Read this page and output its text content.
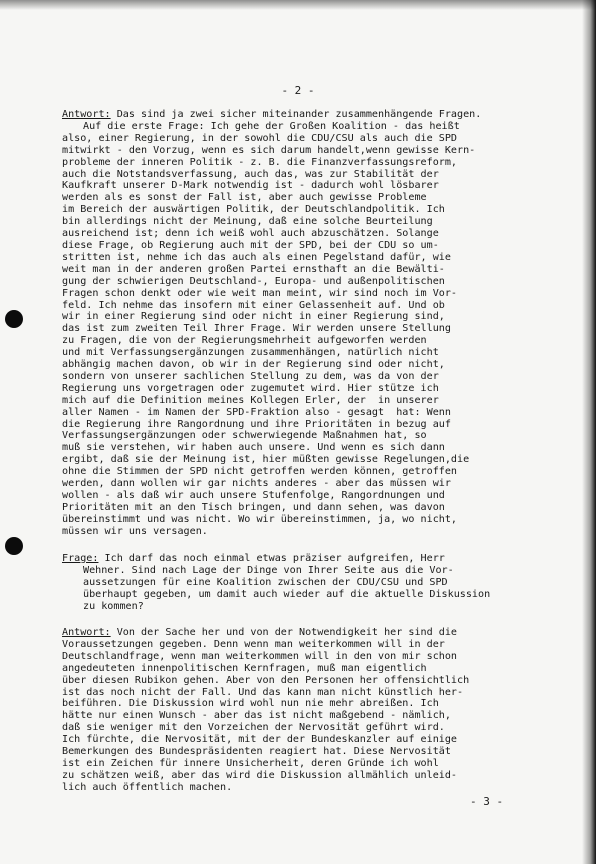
- 2 -
Antwort: Das sind ja zwei sicher miteinander zusammenhängende Fragen.
Auf die erste Frage: Ich gehe der Großen Koalition - das heißt
also, einer Regierung, in der sowohl die CDU/CSU als auch die SPD
mitwirkt - den Vorzug, wenn es sich darum handelt,wenn gewisse Kern-
probleme der inneren Politik - z. B. die Finanzverfassungsreform,
auch die Notstandsverfassung, auch das, was zur Stabilität der
Kaufkraft unserer D-Mark notwendig ist - dadurch wohl lösbarer
werden als es sonst der Fall ist, aber auch gewisse Probleme
im Bereich der auswärtigen Politik, der Deutschlandpolitik. Ich
bin allerdings nicht der Meinung, daß eine solche Beurteilung
ausreichend ist; denn ich weiß wohl auch abzuschätzen. Solange
diese Frage, ob Regierung auch mit der SPD, bei der CDU so um-
stritten ist, nehme ich das auch als einen Pegelstand dafür, wie
weit man in der anderen großen Partei ernsthaft an die Bewälti-
gung der schwierigen Deutschland-, Europa- und außenpolitischen
Fragen schon denkt oder wie weit man meint, wir sind noch im Vor-
feld. Ich nehme das insofern mit einer Gelassenheit auf. Und ob
wir in einer Regierung sind oder nicht in einer Regierung sind,
das ist zum zweiten Teil Ihrer Frage. Wir werden unsere Stellung
zu Fragen, die von der Regierungsmehrheit aufgeworfen werden
und mit Verfassungsergänzungen zusammenhängen, natürlich nicht
abhängig machen davon, ob wir in der Regierung sind oder nicht,
sondern von unserer sachlichen Stellung zu dem, was da von der
Regierung uns vorgetragen oder zugemutet wird. Hier stütze ich
mich auf die Definition meines Kollegen Erler, der  in unserer
aller Namen - im Namen der SPD-Fraktion also - gesagt  hat: Wenn
die Regierung ihre Rangordnung und ihre Prioritäten in bezug auf
Verfassungsergänzungen oder schwerwiegende Maßnahmen hat, so
muß sie verstehen, wir haben auch unsere. Und wenn es sich dann
ergibt, daß sie der Meinung ist, hier müßten gewisse Regelungen,die
ohne die Stimmen der SPD nicht getroffen werden können, getroffen
werden, dann wollen wir gar nichts anderes - aber das müssen wir
wollen - als daß wir auch unsere Stufenfolge, Rangordnungen und
Prioritäten mit an den Tisch bringen, und dann sehen, was davon
übereinstimmt und was nicht. Wo wir übereinstimmen, ja, wo nicht,
müssen wir uns versagen.
Frage: Ich darf das noch einmal etwas präziser aufgreifen, Herr
Wehner. Sind nach Lage der Dinge von Ihrer Seite aus die Vor-
aussetzungen für eine Koalition zwischen der CDU/CSU und SPD
überhaupt gegeben, um damit auch wieder auf die aktuelle Diskussion
zu kommen?
Antwort: Von der Sache her und von der Notwendigkeit her sind die
Voraussetzungen gegeben. Denn wenn man weiterkommen will in der
Deutschlandfrage, wenn man weiterkommen will in den von mir schon
angedeuteten innenpolitischen Kernfragen, muß man eigentlich
über diesen Rubikon gehen. Aber von den Personen her offensichtlich
ist das noch nicht der Fall. Und das kann man nicht künstlich her-
beiführen. Die Diskussion wird wohl nun nie mehr abreißen. Ich
hätte nur einen Wunsch - aber das ist nicht maßgebend - nämlich,
daß sie weniger mit den Vorzeichen der Nervosität geführt wird.
Ich fürchte, die Nervosität, mit der der Bundeskanzler auf einige
Bemerkungen des Bundespräsidenten reagiert hat. Diese Nervosität
ist ein Zeichen für innere Unsicherheit, deren Gründe ich wohl
zu schätzen weiß, aber das wird die Diskussion allmählich unleid-
lich auch öffentlich machen.
- 3 -
